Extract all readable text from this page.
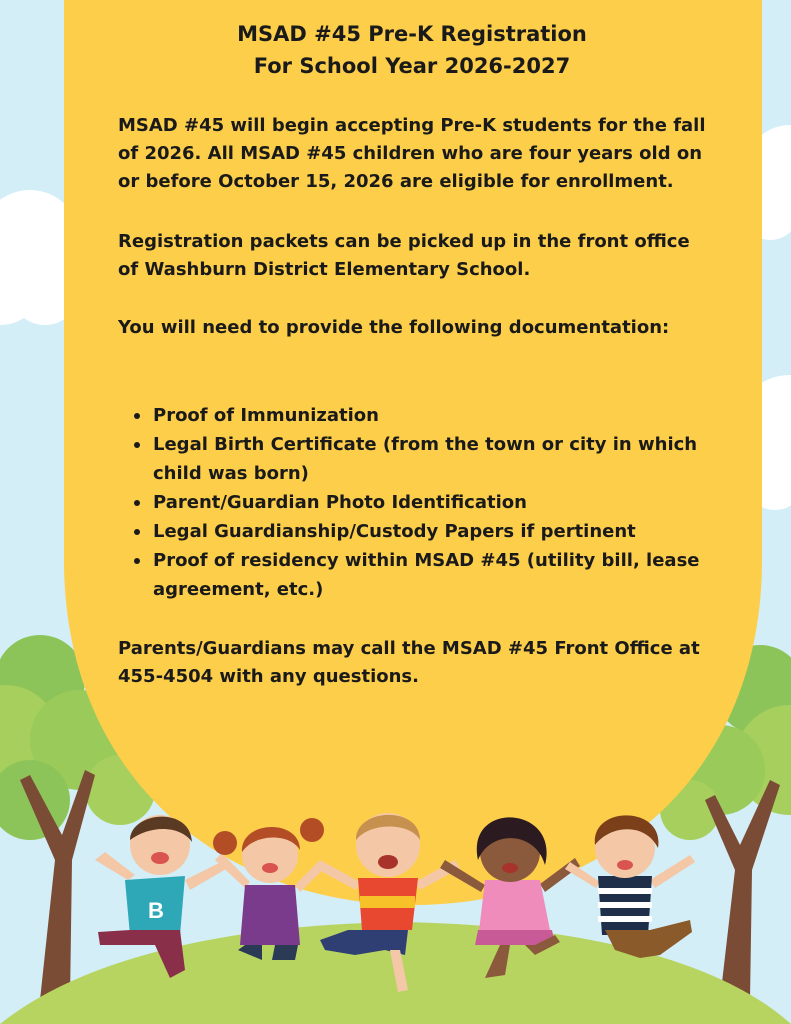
B
MSAD #45 Pre-K Registration
For School Year 2026-2027

MSAD #45 will begin accepting Pre-K students for the fall of 2026. All MSAD #45 children who are four years old on or before October 15, 2026 are eligible for enrollment.

Registration packets can be picked up in the front office of Washburn District Elementary School.

You will need to provide the following documentation:

Proof of Immunization
Legal Birth Certificate (from the town or city in which child was born)
Parent/Guardian Photo Identification
Legal Guardianship/Custody Papers if pertinent
Proof of residency within MSAD #45 (utility bill, lease agreement, etc.)

Parents/Guardians may call the MSAD #45 Front Office at 455-4504 with any questions.
